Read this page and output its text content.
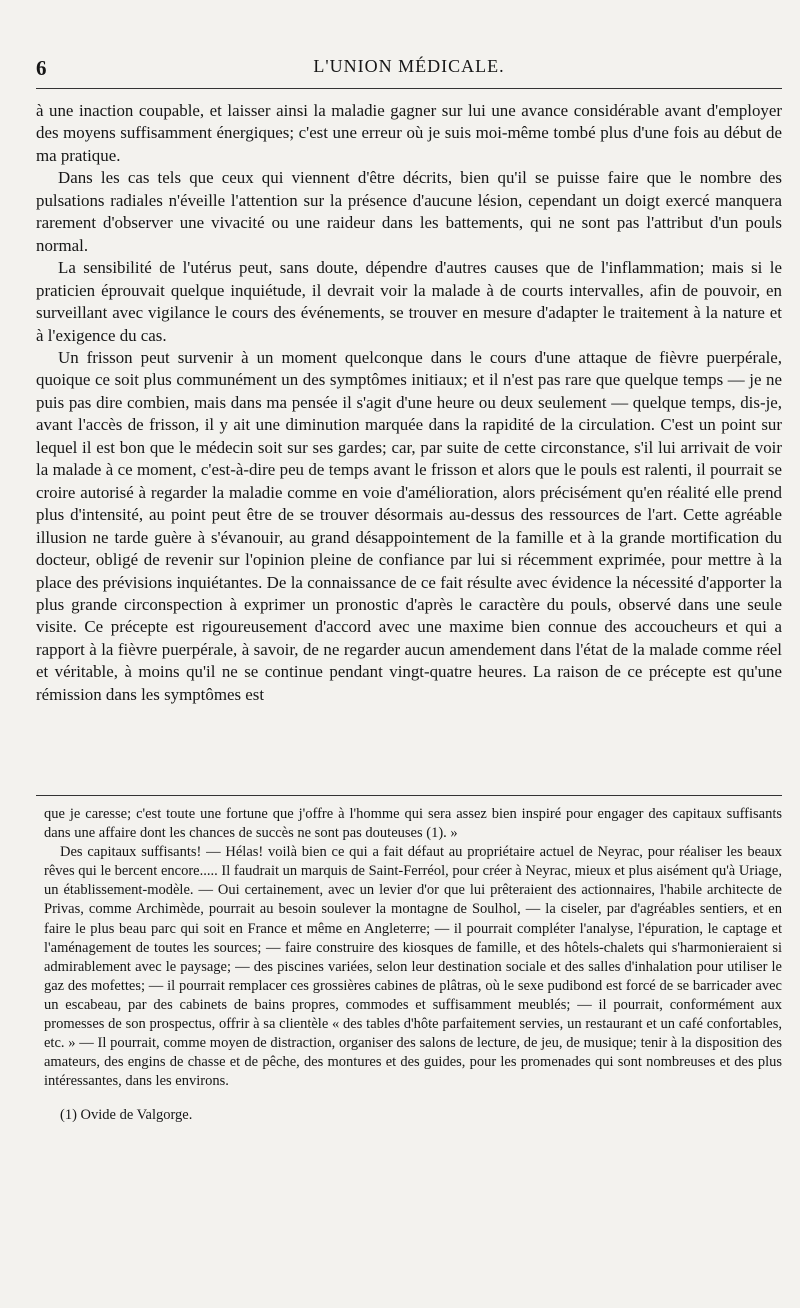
6	L'UNION MÉDICALE.

à une inaction coupable, et laisser ainsi la maladie gagner sur lui une avance considérable avant d'employer des moyens suffisamment énergiques; c'est une erreur où je suis moi-même tombé plus d'une fois au début de ma pratique.

Dans les cas tels que ceux qui viennent d'être décrits, bien qu'il se puisse faire que le nombre des pulsations radiales n'éveille l'attention sur la présence d'aucune lésion, cependant un doigt exercé manquera rarement d'observer une vivacité ou une raideur dans les battements, qui ne sont pas l'attribut d'un pouls normal.

La sensibilité de l'utérus peut, sans doute, dépendre d'autres causes que de l'inflammation; mais si le praticien éprouvait quelque inquiétude, il devrait voir la malade à de courts intervalles, afin de pouvoir, en surveillant avec vigilance le cours des événements, se trouver en mesure d'adapter le traitement à la nature et à l'exigence du cas.

Un frisson peut survenir à un moment quelconque dans le cours d'une attaque de fièvre puerpérale, quoique ce soit plus communément un des symptômes initiaux; et il n'est pas rare que quelque temps — je ne puis pas dire combien, mais dans ma pensée il s'agit d'une heure ou deux seulement — quelque temps, dis-je, avant l'accès de frisson, il y ait une diminution marquée dans la rapidité de la circulation. C'est un point sur lequel il est bon que le médecin soit sur ses gardes; car, par suite de cette circonstance, s'il lui arrivait de voir la malade à ce moment, c'est-à-dire peu de temps avant le frisson et alors que le pouls est ralenti, il pourrait se croire autorisé à regarder la maladie comme en voie d'amélioration, alors précisément qu'en réalité elle prend plus d'intensité, au point peut être de se trouver désormais au-dessus des ressources de l'art. Cette agréable illusion ne tarde guère à s'évanouir, au grand désappointement de la famille et à la grande mortification du docteur, obligé de revenir sur l'opinion pleine de confiance par lui si récemment exprimée, pour mettre à la place des prévisions inquiétantes. De la connaissance de ce fait résulte avec évidence la nécessité d'apporter la plus grande circonspection à exprimer un pronostic d'après le caractère du pouls, observé dans une seule visite. Ce précepte est rigoureusement d'accord avec une maxime bien connue des accoucheurs et qui a rapport à la fièvre puerpérale, à savoir, de ne regarder aucun amendement dans l'état de la malade comme réel et véritable, à moins qu'il ne se continue pendant vingt-quatre heures. La raison de ce précepte est qu'une rémission dans les symptômes est

que je caresse; c'est toute une fortune que j'offre à l'homme qui sera assez bien inspiré pour engager des capitaux suffisants dans une affaire dont les chances de succès ne sont pas douteuses (1). »

Des capitaux suffisants! — Hélas! voilà bien ce qui a fait défaut au propriétaire actuel de Neyrac, pour réaliser les beaux rêves qui le bercent encore..... Il faudrait un marquis de Saint-Ferréol, pour créer à Neyrac, mieux et plus aisément qu'à Uriage, un établissement-modèle. — Oui certainement, avec un levier d'or que lui prêteraient des actionnaires, l'habile architecte de Privas, comme Archimède, pourrait au besoin soulever la montagne de Soulhol, — la ciseler, par d'agréables sentiers, et en faire le plus beau parc qui soit en France et même en Angleterre; — il pourrait compléter l'analyse, l'épuration, le captage et l'aménagement de toutes les sources; — faire construire des kiosques de famille, et des hôtels-chalets qui s'harmonieraient si admirablement avec le paysage; — des piscines variées, selon leur destination sociale et des salles d'inhalation pour utiliser le gaz des mofettes; — il pourrait remplacer ces grossières cabines de plâtras, où le sexe pudibond est forcé de se barricader avec un escabeau, par des cabinets de bains propres, commodes et suffisamment meublés; — il pourrait, conformément aux promesses de son prospectus, offrir à sa clientèle « des tables d'hôte parfaitement servies, un restaurant et un café confortables, etc. » — Il pourrait, comme moyen de distraction, organiser des salons de lecture, de jeu, de musique; tenir à la disposition des amateurs, des engins de chasse et de pêche, des montures et des guides, pour les promenades qui sont nombreuses et des plus intéressantes, dans les environs.

(1) Ovide de Valgorge.
